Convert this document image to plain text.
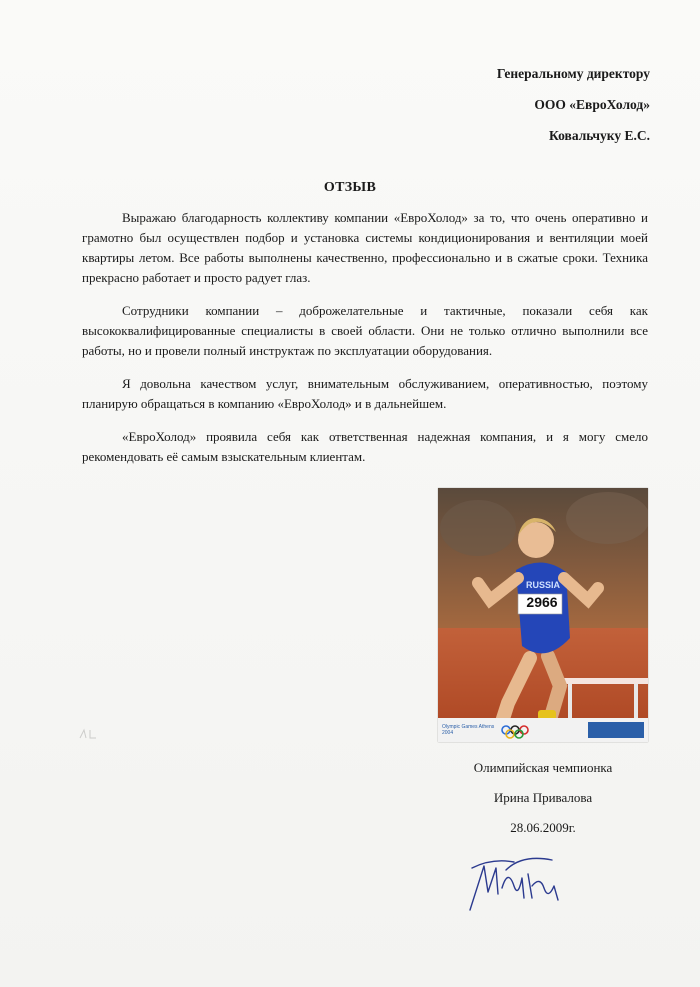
Генеральному директору
ООО «ЕвроХолод»
Ковальчуку Е.С.
ОТЗЫВ

Выражаю благодарность коллективу компании «ЕвроХолод» за то, что очень оперативно и грамотно был осуществлен подбор и установка системы кондиционирования и вентиляции моей квартиры летом. Все работы выполнены качественно, профессионально и в сжатые сроки. Техника прекрасно работает и просто радует глаз.

Сотрудники компании – доброжелательные и тактичные, показали себя как высококвалифицированные специалисты в своей области. Они не только отлично выполнили все работы, но и провели полный инструктаж по эксплуатации оборудования.

Я довольна качеством услуг, внимательным обслуживанием, оперативностью, поэтому планирую обращаться в компанию «ЕвроХолод» и в дальнейшем.

«ЕвроХолод» проявила себя как ответственная надежная компания, и я могу смело рекомендовать её самым взыскательным клиентам.

RUSSIA
2966
Olympic Games Athens 2004
Олимпийская чемпионка
Ирина Привалова
28.06.2009г.
